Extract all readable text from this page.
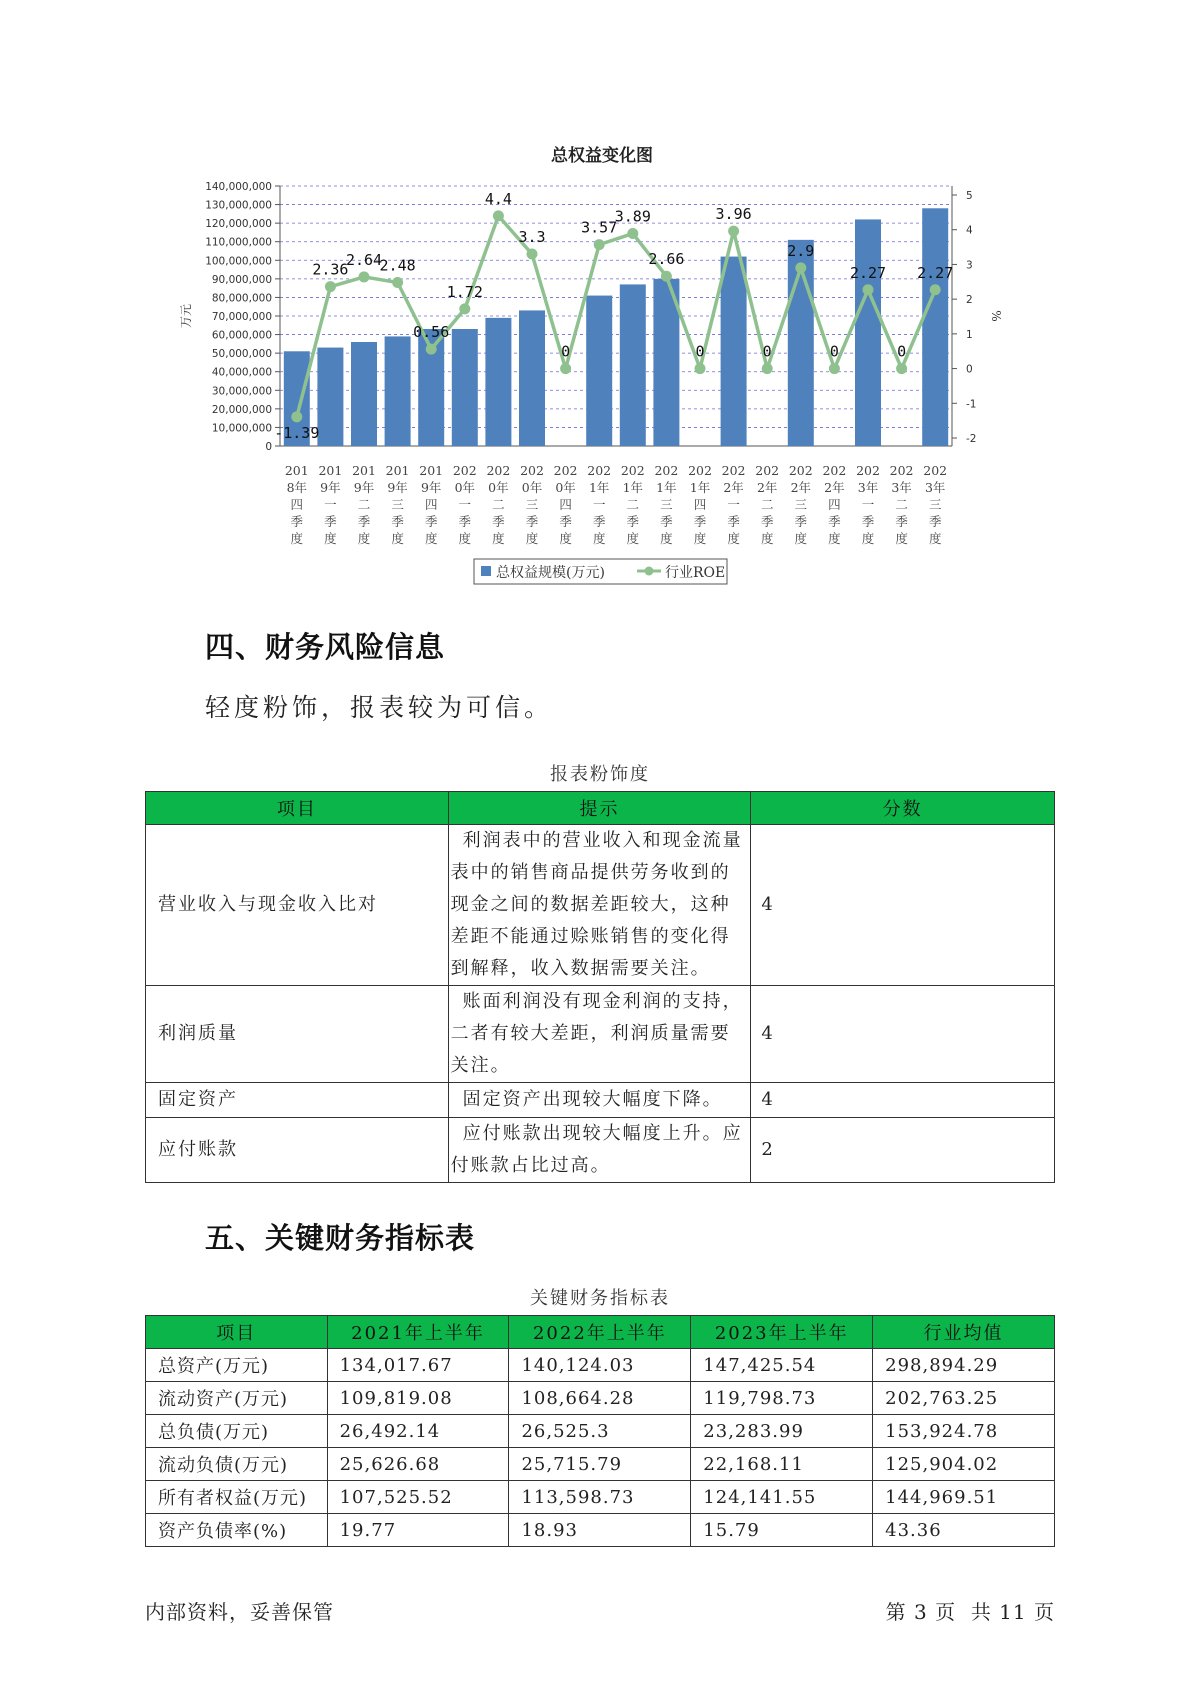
总权益变化图
0
10,000,000
20,000,000
30,000,000
40,000,000
50,000,000
60,000,000
70,000,000
80,000,000
90,000,000
100,000,000
110,000,000
120,000,000
130,000,000
140,000,000
-2
-1
0
1
2
3
4
5
万元	%
201
8年
四
季
度
201
9年
一
季
度
201
9年
二
季
度
201
9年
三
季
度
201
9年
四
季
度
202
0年
一
季
度
202
0年
二
季
度
202
0年
三
季
度
202
0年
四
季
度
202
1年
一
季
度
202
1年
二
季
度
202
1年
三
季
度
202
1年
四
季
度
202
2年
一
季
度
202
2年
二
季
度
202
2年
三
季
度
202
2年
四
季
度
202
3年
一
季
度
202
3年
二
季
度
202
3年
三
季
度
-1.39
2.36
2.64
2.48
0.56
1.72
4.4
3.3
0
3.57
3.89
2.66
0
3.96
0
2.9
0
2.27
0
2.27
总权益规模(万元)	行业ROE
四、财务风险信息

轻度粉饰，报表较为可信。

报表粉饰度
项目	提示	分数
营业收入与现金收入比对	利润表中的营业收入和现金流量表中的销售商品提供劳务收到的现金之间的数据差距较大，这种差距不能通过赊账销售的变化得到解释，收入数据需要关注。	4
利润质量	账面利润没有现金利润的支持，二者有较大差距，利润质量需要关注。	4
固定资产	固定资产出现较大幅度下降。	4
应付账款	应付账款出现较大幅度上升。应付账款占比过高。	2
五、关键财务指标表
关键财务指标表
项目	2021年上半年	2022年上半年	2023年上半年	行业均值
总资产(万元)	134,017.67	140,124.03	147,425.54	298,894.29
流动资产(万元)	109,819.08	108,664.28	119,798.73	202,763.25
总负债(万元)	26,492.14	26,525.3	23,283.99	153,924.78
流动负债(万元)	25,626.68	25,715.79	22,168.11	125,904.02
所有者权益(万元)	107,525.52	113,598.73	124,141.55	144,969.51
资产负债率(%)	19.77	18.93	15.79	43.36
内部资料，妥善保管	第 3 页  共 11 页
